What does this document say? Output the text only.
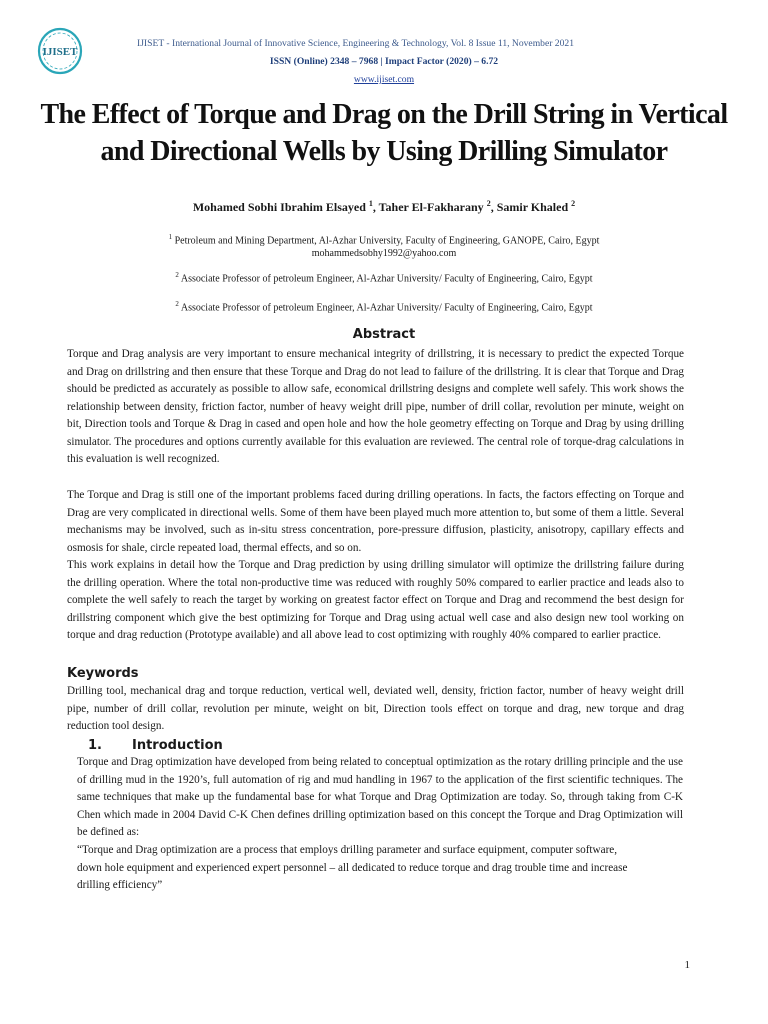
IJISET
IJISET - International Journal of Innovative Science, Engineering & Technology, Vol. 8 Issue 11, November 2021
ISSN (Online) 2348 – 7968 | Impact Factor (2020) – 6.72
www.ijiset.com
The Effect of Torque and Drag on the Drill String in Vertical and Directional Wells by Using Drilling Simulator
Mohamed Sobhi Ibrahim Elsayed $^1$, Taher El-Fakharany $^2$, Samir Khaled $^2$
$^1$ Petroleum and Mining Department, Al-Azhar University, Faculty of Engineering, GANOPE, Cairo, Egypt
mohammedsobhy1992@yahoo.com
$^2$ Associate Professor of petroleum Engineer, Al-Azhar University/ Faculty of Engineering, Cairo, Egypt
$^2$ Associate Professor of petroleum Engineer, Al-Azhar University/ Faculty of Engineering, Cairo, Egypt
Abstract

Torque and Drag analysis are very important to ensure mechanical integrity of drillstring, it is necessary to predict the expected Torque and Drag on drillstring and then ensure that these Torque and Drag do not lead to failure of the drillstring. It is clear that Torque and Drag should be predicted as accurately as possible to allow safe, economical drillstring designs and complete well safely. This work shows the relationship between density, friction factor, number of heavy weight drill pipe, number of drill collar, revolution per minute, weight on bit, Direction tools and Torque & Drag in cased and open hole and how the hole geometry effecting on Torque and Drag by using drilling simulator. The procedures and options currently available for this evaluation are reviewed. The central role of torque-drag calculations in this evaluation is well recognized.

The Torque and Drag is still one of the important problems faced during drilling operations. In facts, the factors effecting on Torque and Drag are very complicated in directional wells. Some of them have been played much more attention to, but some of them a little. Several mechanisms may be involved, such as in-situ stress concentration, pore-pressure diffusion, plasticity, anisotropy, capillary effects and osmosis for shale, circle repeated load, thermal effects, and so on.

This work explains in detail how the Torque and Drag prediction by using drilling simulator will optimize the drillstring failure during the drilling operation. Where the total non-productive time was reduced with roughly 50% compared to earlier practice and leads also to complete the well safely to reach the target by working on greatest factor effect on Torque and Drag and recommend the best design for drillstring component which give the best optimizing for Torque and Drag using actual well case and also design new tool working on torque and drag reduction (Prototype available) and all above lead to cost optimizing with roughly 40% compared to earlier practice.

Keywords

Drilling tool, mechanical drag and torque reduction, vertical well, deviated well, density, friction factor, number of heavy weight drill pipe, number of drill collar, revolution per minute, weight on bit, Direction tools effect on torque and drag, new torque and drag reduction tool design.

1. Introduction

Torque and Drag optimization have developed from being related to conceptual optimization as the rotary drilling principle and the use of drilling mud in the 1920’s, full automation of rig and mud handling in 1967 to the application of the first scientific techniques. The same techniques that make up the fundamental base for what Torque and Drag Optimization are today. So, through taking from C-K Chen which made in 2004 David C-K Chen defines drilling optimization based on this concept the Torque and Drag Optimization will be defined as:

“Torque and Drag optimization are a process that employs drilling parameter and surface equipment, computer software, down hole equipment and experienced expert personnel – all dedicated to reduce torque and drag trouble time and increase drilling efficiency”

1
